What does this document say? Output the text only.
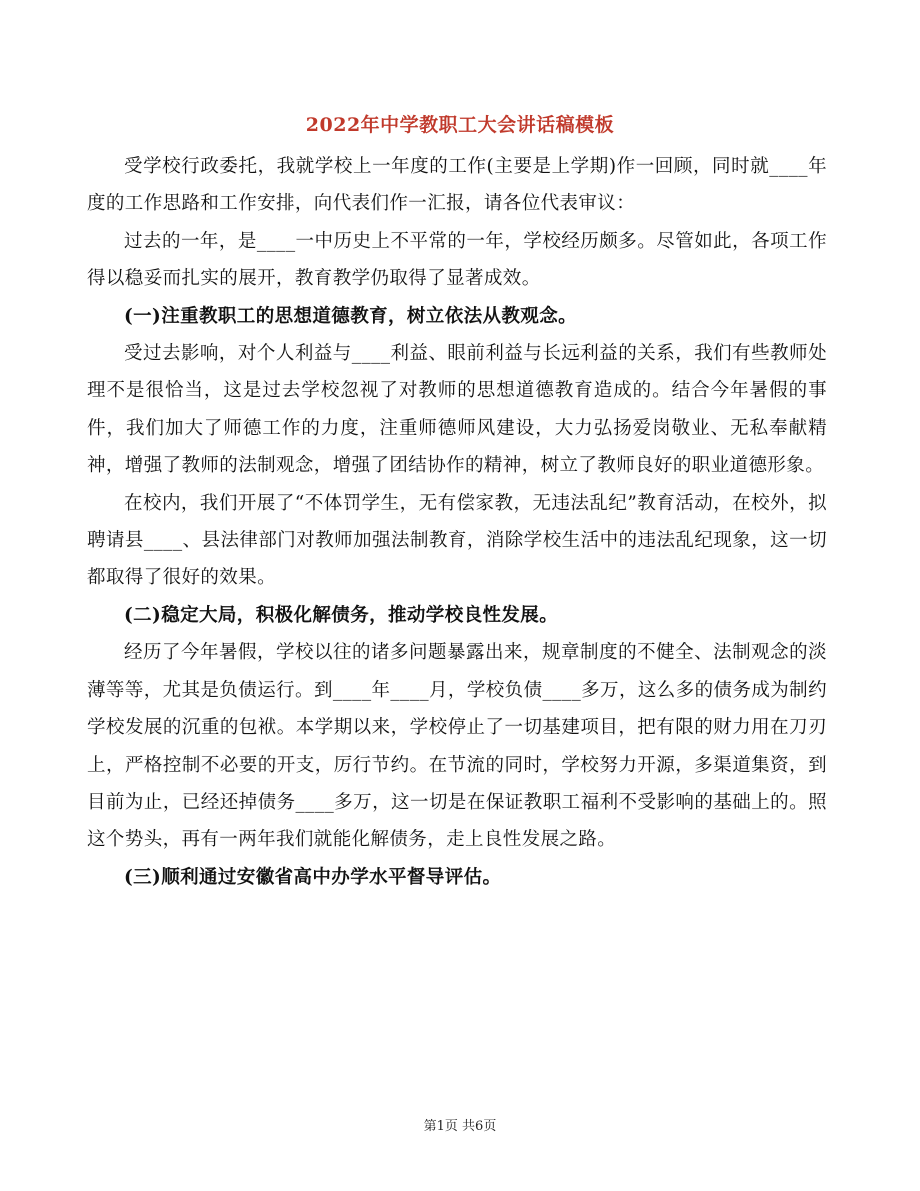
2022年中学教职工大会讲话稿模板

受学校行政委托，我就学校上一年度的工作(主要是上学期)作一回顾，同时就____年度的工作思路和工作安排，向代表们作一汇报，请各位代表审议：

过去的一年，是____一中历史上不平常的一年，学校经历颇多。尽管如此，各项工作得以稳妥而扎实的展开，教育教学仍取得了显著成效。

(一)注重教职工的思想道德教育，树立依法从教观念。

受过去影响，对个人利益与____利益、眼前利益与长远利益的关系，我们有些教师处理不是很恰当，这是过去学校忽视了对教师的思想道德教育造成的。结合今年暑假的事件，我们加大了师德工作的力度，注重师德师风建设，大力弘扬爱岗敬业、无私奉献精神，增强了教师的法制观念，增强了团结协作的精神，树立了教师良好的职业道德形象。

在校内，我们开展了“不体罚学生，无有偿家教，无违法乱纪”教育活动，在校外，拟聘请县____、县法律部门对教师加强法制教育，消除学校生活中的违法乱纪现象，这一切都取得了很好的效果。

(二)稳定大局，积极化解债务，推动学校良性发展。

经历了今年暑假，学校以往的诸多问题暴露出来，规章制度的不健全、法制观念的淡薄等等，尤其是负债运行。到____年____月，学校负债____多万，这么多的债务成为制约学校发展的沉重的包袱。本学期以来，学校停止了一切基建项目，把有限的财力用在刀刃上，严格控制不必要的开支，厉行节约。在节流的同时，学校努力开源，多渠道集资，到目前为止，已经还掉债务____多万，这一切是在保证教职工福利不受影响的基础上的。照这个势头，再有一两年我们就能化解债务，走上良性发展之路。

(三)顺利通过安徽省高中办学水平督导评估。

第1页 共6页
